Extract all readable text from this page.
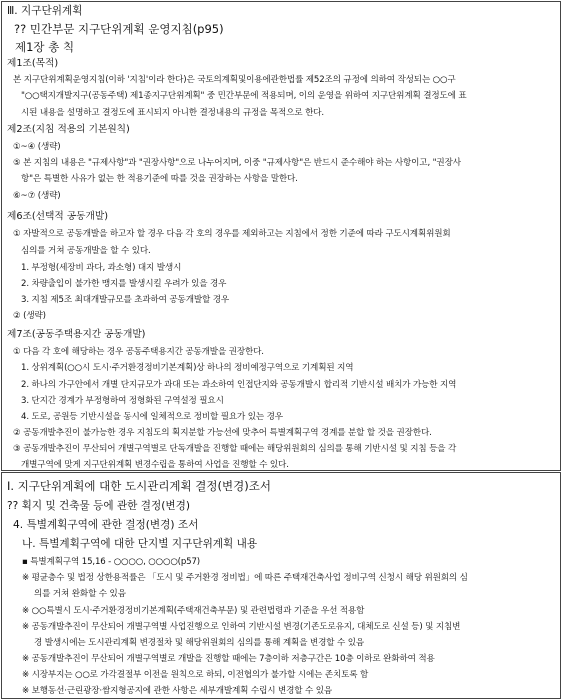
Ⅲ. 지구단위계획
?? 민간부문 지구단위계획 운영지침(p95)
제1장 총 칙
제1조(목적)
본 지구단위계획운영지침(이하 '지침'이라 한다)은 국토의계획및이용에관한법률 제52조의 규정에 의하여 작성되는 ○○구
"○○택지개발지구(공동주택) 제1종지구단위계획" 중 민간부문에 적용되며, 이의 운영을 위하여 지구단위계획 결정도에 표
시된 내용을 설명하고 결정도에 표시되지 아니한 결정내용의 규정을 목적으로 한다.
제2조(지침 적용의 기본원칙)
①~④ (생략)
⑤ 본 지침의 내용은 "규제사항"과 "권장사항"으로 나누어지며, 이중 "규제사항"은 반드시 준수해야 하는 사항이고, "권장사
항"은 특별한 사유가 없는 한 적용기준에 따를 것을 권장하는 사항을 말한다.
⑥~⑦ (생략)
제6조(선택적 공동개발)
① 자발적으로 공동개발을 하고자 할 경우 다음 각 호의 경우를 제외하고는 지침에서 정한 기준에 따라 구도시계획위원회
심의를 거쳐 공동개발을 할 수 있다.
1. 부정형(세장비 과다, 과소형) 대지 발생시
2. 차량출입이 불가한 맹지를 발생시킬 우려가 있을 경우
3. 지침 제5조 최대개발규모를 초과하여 공동개발할 경우
② (생략)
제7조(공동주택용지간 공동개발)
① 다음 각 호에 해당하는 경우 공동주택용지간 공동개발을 권장한다.
1. 상위계획(○○시 도시·주거환경정비기본계획)상 하나의 정비예정구역으로 기계획된 지역
2. 하나의 가구안에서 개별 단지규모가 과대 또는 과소하여 인접단지와 공동개발시 합리적 기반시설 배치가 가능한 지역
3. 단지간 경계가 부정형하여 정형화된 구역설정 필요시
4. 도로, 공원등 기반시설을 동시에 일체적으로 정비할 필요가 있는 경우
② 공동개발추진이 불가능한 경우 지침도의 획지분할 가능선에 맞추어 특별계획구역 경계를 분할 할 것을 권장한다.
③ 공동개발추진이 무산되어 개별구역별로 단독개발을 진행할 때에는 해당위원회의 심의를 통해 기반시설 및 지침 등을 각
개별구역에 맞게 지구단위계획 변경수립을 통하여 사업을 진행할 수 있다.
Ⅰ. 지구단위계획에 대한 도시관리계획 결정(변경)조서
?? 획지 및 건축물 등에 관한 결정(변경)
4. 특별계획구역에 관한 결정(변경) 조서
나. 특별계획구역에 대한 단지별 지구단위계획 내용
▪ 특별계획구역 15,16 - ○○○○, ○○○○(p57)
※ 평균층수 및 법정 상한용적률은 「도시 및 주거환경 정비법」에 따른 주택재건축사업 정비구역 신청시 해당 위원회의 심
의를 거쳐 완화할 수 있음
※ ○○특별시 도시·주거환경정비기본계획(주택재건축부문) 및 관련법령과 기준을 우선 적용함
※ 공동개발추진이 무산되어 개별구역별 사업진행으로 인하여 기반시설 변경(기존도로유지, 대체도로 신설 등) 및 지침변
경 발생시에는 도시관리계획 변경절차 및 해당위원회의 심의를 통해 계획을 변경할 수 있음
※ 공동개발추진이 무산되어 개별구역별로 개발을 진행할 때에는 7층이하 저층구간은 10층 이하로 완화하여 적용
※ 시장부지는 ○○로 가각결절부 이전을 원칙으로 하되, 이전협의가 불가할 시에는 존치토록 함
※ 보행동선·근린광장·쌈지형공지에 관한 사항은 세부개발계획 수립시 변경할 수 있음
